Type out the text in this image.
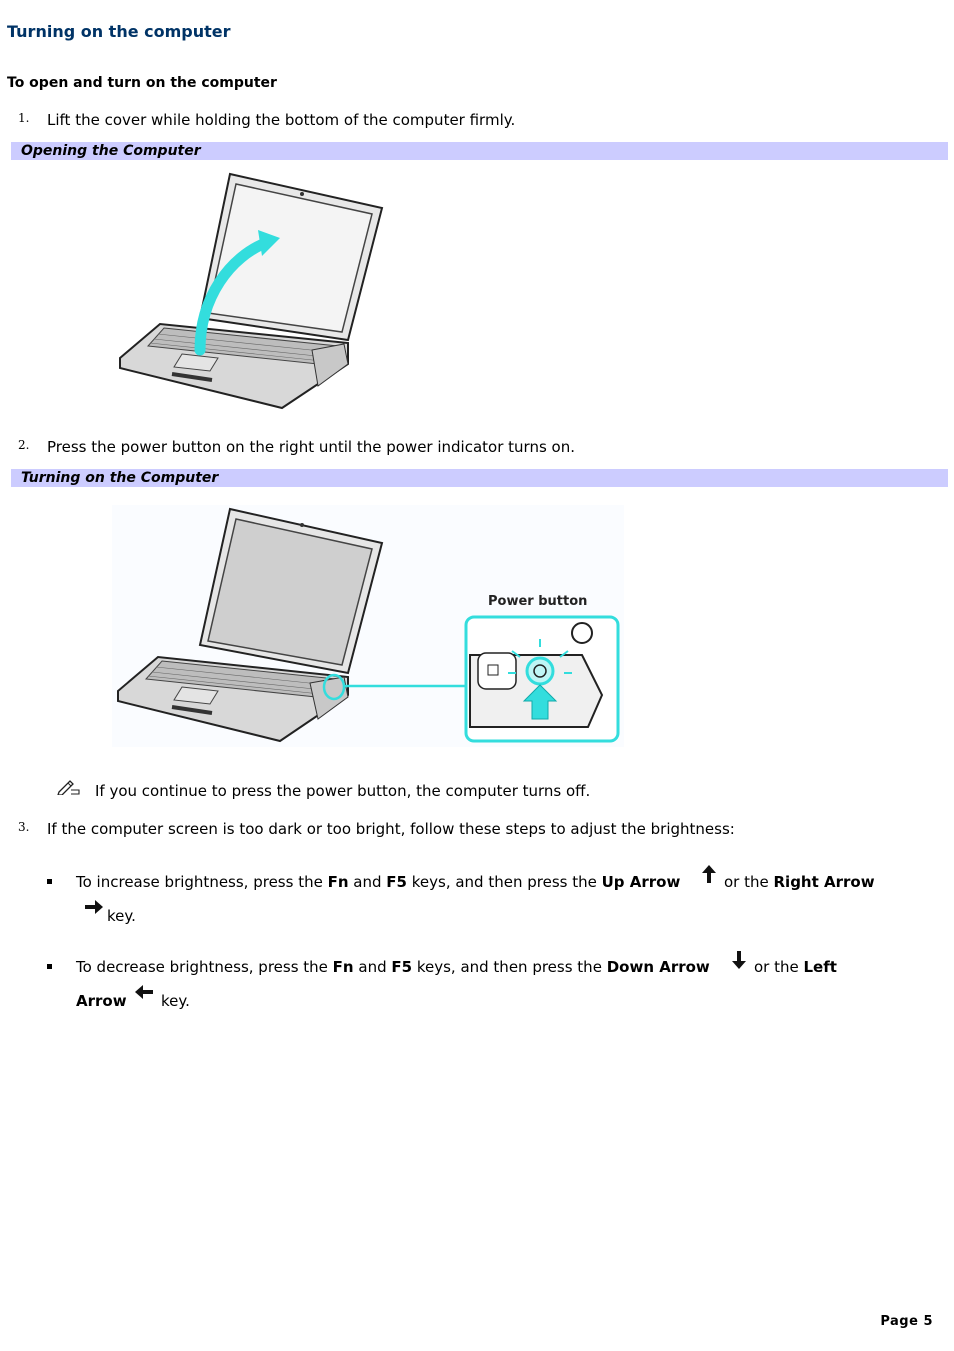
Turning on the computer
To open and turn on the computer
1. Lift the cover while holding the bottom of the computer firmly.
Opening the Computer
2. Press the power button on the right until the power indicator turns on.
Turning on the Computer
Power button
If you continue to press the power button, the computer turns off.
3. If the computer screen is too dark or too bright, follow these steps to adjust the brightness:
To increase brightness, press the Fn and F5 keys, and then press the Up Arrow	or the Right Arrow
key.
To decrease brightness, press the Fn and F5 keys, and then press the Down Arrow	or the Left
Arrow key.
Page 5
